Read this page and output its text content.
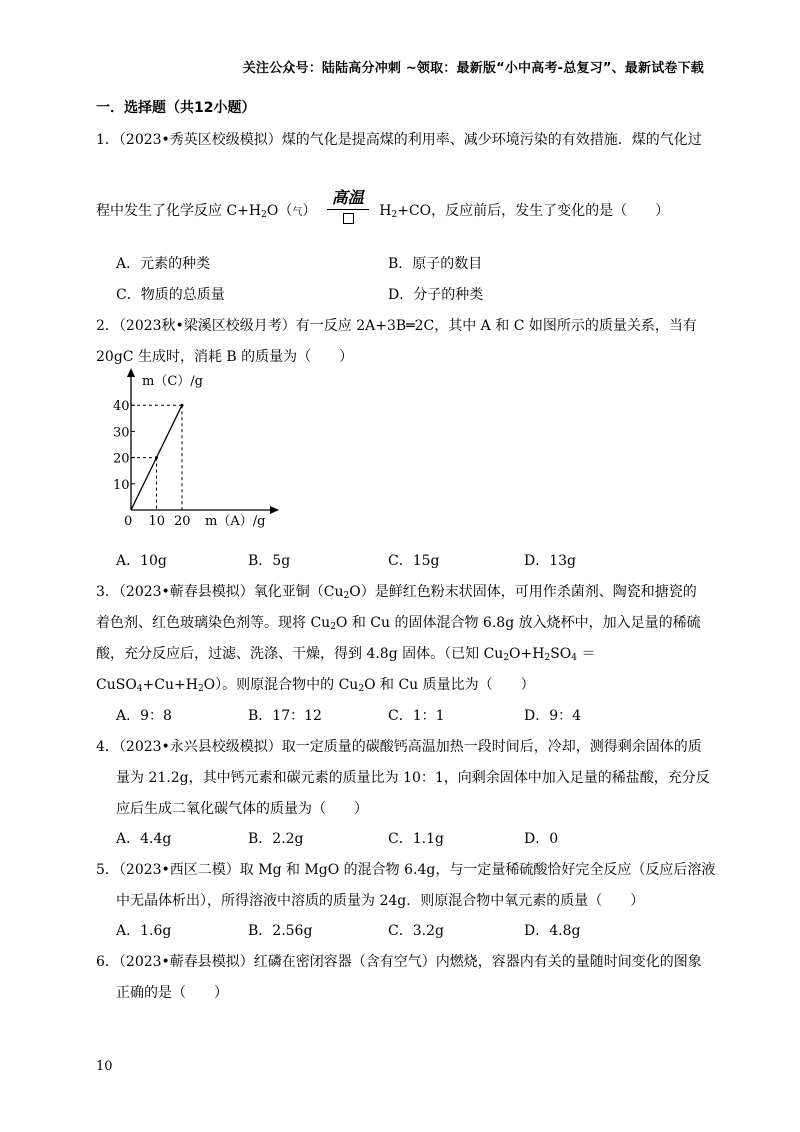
关注公众号：陆陆高分冲刺 ~领取：最新版“小中高考-总复习”、最新试卷下载
一．选择题（共12小题）
1．（2023•秀英区校级模拟）煤的气化是提高煤的利用率、减少环境污染的有效措施．煤的气化过
程中发生了化学反应 $C+H_2O$（气）
高温
$H_2+CO$，反应前后，发生了变化的是（　　）
A．元素的种类	B．原子的数目
C．物质的总质量	D．分子的种类
2．（2023秋•梁溪区校级月考）有一反应 2A+3B═2C，其中 A 和 C 如图所示的质量关系，当有
20gC 生成时，消耗 B 的质量为（　　）
m（C）/g
m（A）/g
0
10
20
30
40
10 20
A．10g	B．5g	C．15g	D．13g
3．（2023•蕲春县模拟）氧化亚铜$(Cu_2O)$是鲜红色粉末状固体，可用作杀菌剂、陶瓷和搪瓷的
着色剂、红色玻璃染色剂等。现将 $Cu_2O$ 和 Cu 的固体混合物 6.8g 放入烧杯中，加入足量的稀硫
酸，充分反应后，过滤、洗涤、干燥，得到 4.8g 固体。（已知 $Cu_2O+H_2SO_4$ ＝
$CuSO_4+Cu+H_2O$）。则原混合物中的 $Cu_2O$ 和 Cu 质量比为（　　）
A．9：8	B．17：12	C．1：1	D．9：4
4．（2023•永兴县校级模拟）取一定质量的碳酸钙高温加热一段时间后，冷却，测得剩余固体的质
量为 21.2g，其中钙元素和碳元素的质量比为 10：1，向剩余固体中加入足量的稀盐酸，充分反
应后生成二氧化碳气体的质量为（　　）
A．4.4g	B．2.2g	C．1.1g	D．0
5．（2023•西区二模）取 Mg 和 MgO 的混合物 6.4g，与一定量稀硫酸恰好完全反应（反应后溶液
中无晶体析出），所得溶液中溶质的质量为 24g．则原混合物中氧元素的质量（　　）
A．1.6g	B．2.56g	C．3.2g	D．4.8g
6．（2023•蕲春县模拟）红磷在密闭容器（含有空气）内燃烧，容器内有关的量随时间变化的图象
正确的是（　　）
10
